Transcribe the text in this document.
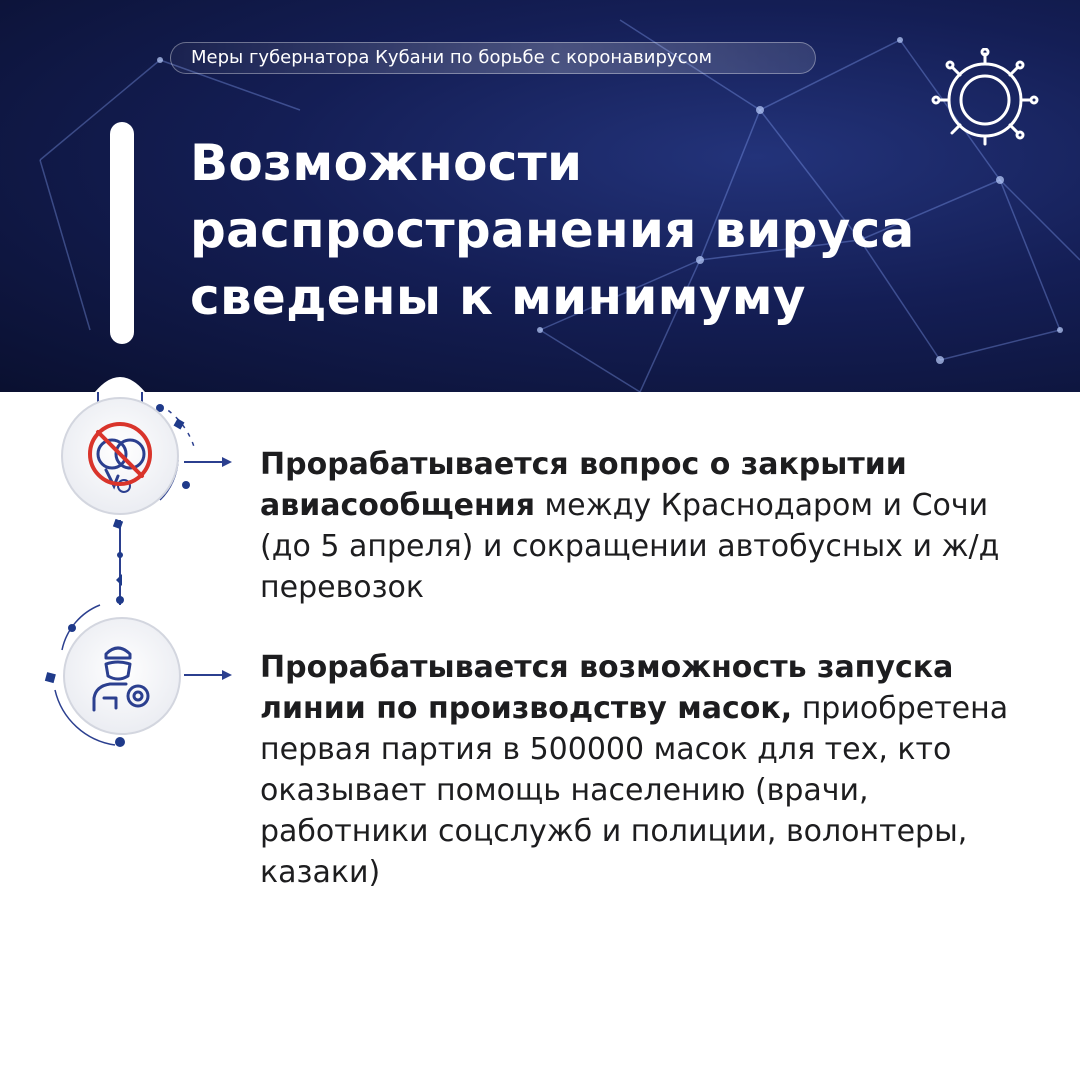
Меры губернатора Кубани по борьбе с коронавирусом
Возможности
распространения вируса
сведены к минимуму

Прорабатывается вопрос о закрытии авиасообщения между Краснодаром и Сочи (до 5 апреля) и сокращении автобусных и ж/д перевозок

Прорабатывается возможность запуска линии по производству масок, приобретена первая партия в 500000 масок для тех, кто оказывает помощь населению (врачи, работники соцслужб и полиции, волонтеры, казаки)
